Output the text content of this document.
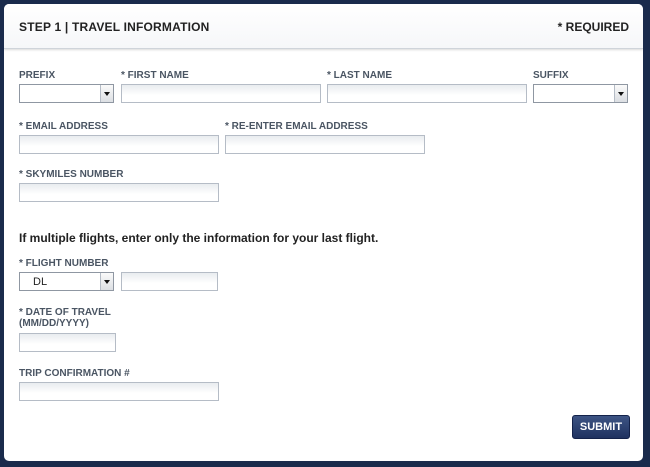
STEP 1 | TRAVEL INFORMATION	* REQUIRED
PREFIX	* FIRST NAME	* LAST NAME	SUFFIX
* EMAIL ADDRESS	* RE-ENTER EMAIL ADDRESS
* SKYMILES NUMBER
If multiple flights, enter only the information for your last flight.
* FLIGHT NUMBER
DL
* DATE OF TRAVEL
(MM/DD/YYYY)
TRIP CONFIRMATION #
SUBMIT
